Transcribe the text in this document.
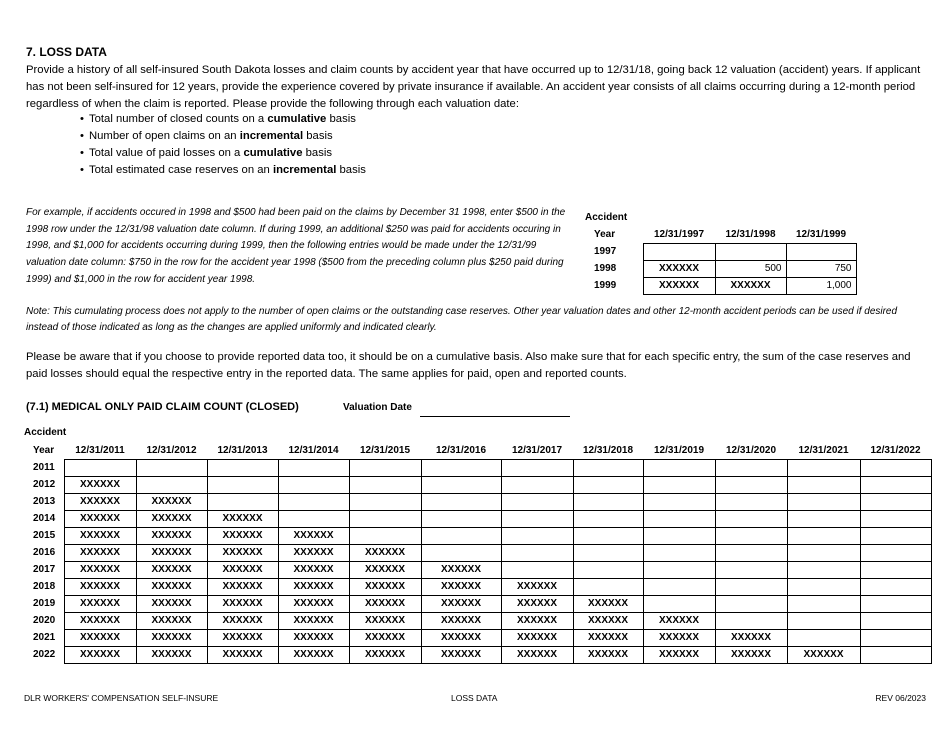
7. LOSS DATA
Provide a history of all self-insured South Dakota losses and claim counts by accident year that have occurred up to 12/31/18, going back 12 valuation (accident) years. If applicant has not been self-insured for 12 years, provide the experience covered by private insurance if available. An accident year consists of all claims occurring during a 12-month period regardless of when the claim is reported. Please provide the following through each valuation date:
• Total number of closed counts on a cumulative basis
• Number of open claims on an incremental basis
• Total value of paid losses on a cumulative basis
• Total estimated case reserves on an incremental basis
For example, if accidents occured in 1998 and $500 had been paid on the claims by December 31 1998, enter $500 in the 1998 row under the 12/31/98 valuation date column. If during 1999, an additional $250 was paid for accidents occuring in 1998, and $1,000 for accidents occurring during 1999, then the following entries would be made under the 12/31/99 valuation date column: $750 in the row for the accident year 1998 ($500 from the preceding column plus $250 paid during 1999) and $1,000 in the row for accident year 1998.
Accident
Year	12/31/1997	12/31/1998	12/31/1999
1997			
1998	XXXXXX	500	750
1999	XXXXXX	XXXXXX	1,000
Note: This cumulating process does not apply to the number of open claims or the outstanding case reserves. Other year valuation dates and other 12-month accident periods can be used if desired instead of those indicated as long as the changes are applied uniformly and indicated clearly.
Please be aware that if you choose to provide reported data too, it should be on a cumulative basis. Also make sure that for each specific entry, the sum of the case reserves and paid losses should equal the respective entry in the reported data. The same applies for paid, open and reported counts.
(7.1) MEDICAL ONLY PAID CLAIM COUNT (CLOSED)	Valuation Date
Accident
Year	12/31/2011	12/31/2012	12/31/2013	12/31/2014	12/31/2015	12/31/2016	12/31/2017	12/31/2018	12/31/2019	12/31/2020	12/31/2021	12/31/2022
2011												
2012	XXXXXX											
2013	XXXXXX	XXXXXX										
2014	XXXXXX	XXXXXX	XXXXXX									
2015	XXXXXX	XXXXXX	XXXXXX	XXXXXX								
2016	XXXXXX	XXXXXX	XXXXXX	XXXXXX	XXXXXX							
2017	XXXXXX	XXXXXX	XXXXXX	XXXXXX	XXXXXX	XXXXXX						
2018	XXXXXX	XXXXXX	XXXXXX	XXXXXX	XXXXXX	XXXXXX	XXXXXX					
2019	XXXXXX	XXXXXX	XXXXXX	XXXXXX	XXXXXX	XXXXXX	XXXXXX	XXXXXX				
2020	XXXXXX	XXXXXX	XXXXXX	XXXXXX	XXXXXX	XXXXXX	XXXXXX	XXXXXX	XXXXXX			
2021	XXXXXX	XXXXXX	XXXXXX	XXXXXX	XXXXXX	XXXXXX	XXXXXX	XXXXXX	XXXXXX	XXXXXX		
2022	XXXXXX	XXXXXX	XXXXXX	XXXXXX	XXXXXX	XXXXXX	XXXXXX	XXXXXX	XXXXXX	XXXXXX	XXXXXX	
DLR WORKERS' COMPENSATION SELF-INSURE	LOSS DATA	REV 06/2023
